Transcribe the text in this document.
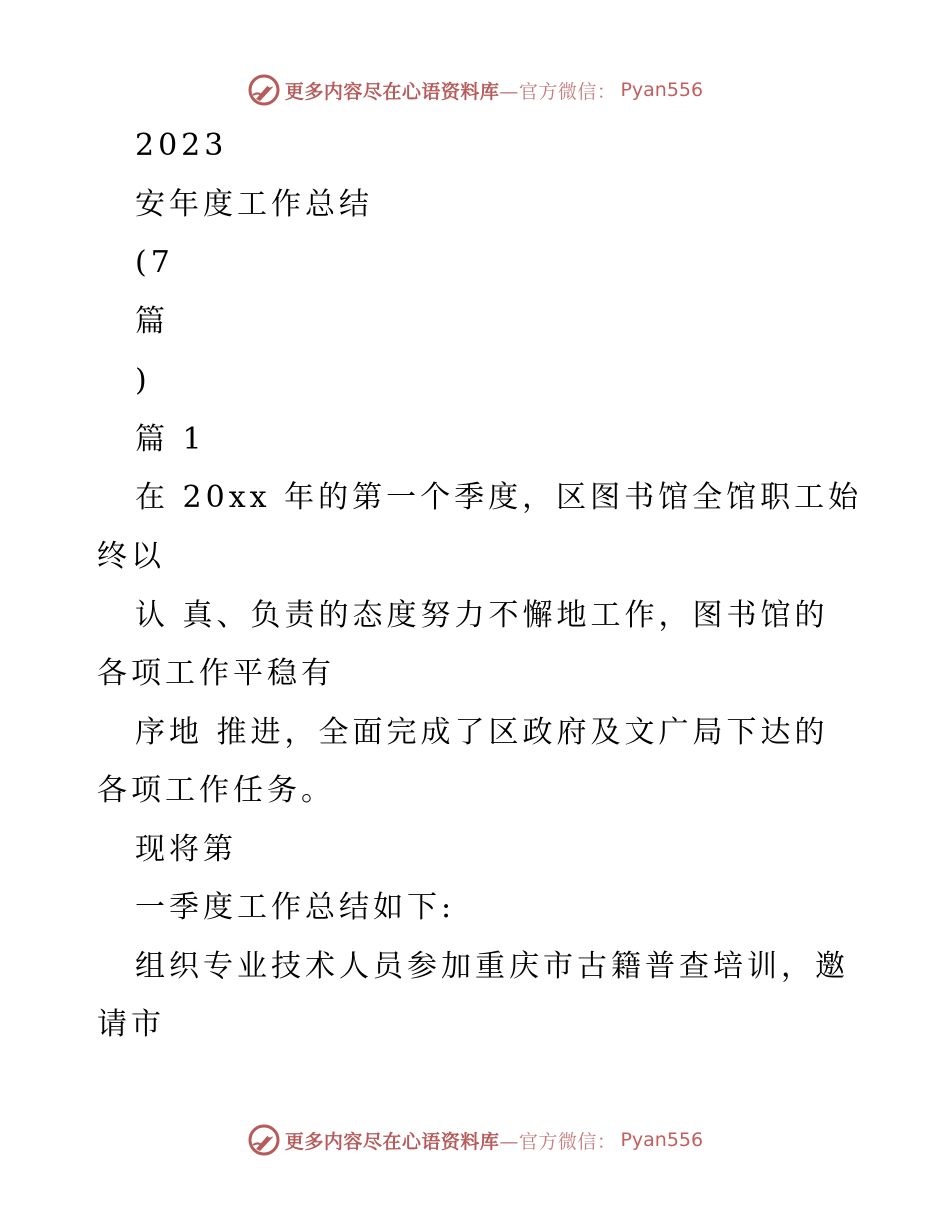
更多内容尽在心语资料库 —官方微信： Pyan556
2023
安年度工作总结
(7
篇
)
篇 1
在 20xx 年的第一个季度，区图书馆全馆职工始
终以
认 真、负责的态度努力不懈地工作，图书馆的
各项工作平稳有
序地 推进，全面完成了区政府及文广局下达的
各项工作任务。
现将第
一季度工作总结如下:
组织专业技术人员参加重庆市古籍普查培训，邀
请市
更多内容尽在心语资料库 —官方微信： Pyan556
